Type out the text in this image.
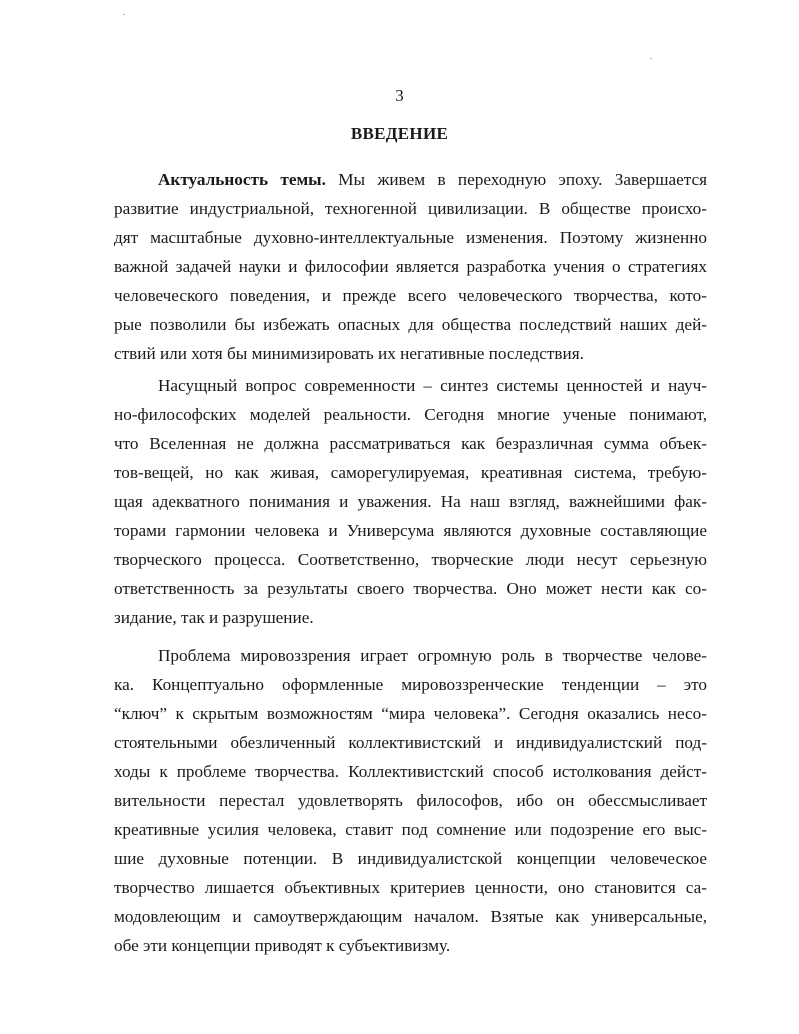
3
ВВЕДЕНИЕ
Актуальность темы. Мы живем в переходную эпоху. Завершается
развитие индустриальной, техногенной цивилизации. В обществе происхо-
дят масштабные духовно-интеллектуальные изменения. Поэтому жизненно
важной задачей науки и философии является разработка учения о стратегиях
человеческого поведения, и прежде всего человеческого творчества, кото-
рые позволили бы избежать опасных для общества последствий наших дей-
ствий или хотя бы минимизировать их негативные последствия.
Насущный вопрос современности – синтез системы ценностей и науч-
но-философских моделей реальности. Сегодня многие ученые понимают,
что Вселенная не должна рассматриваться как безразличная сумма объек-
тов-вещей, но как живая, саморегулируемая, креативная система, требую-
щая адекватного понимания и уважения. На наш взгляд, важнейшими фак-
торами гармонии человека и Универсума являются духовные составляющие
творческого процесса. Соответственно, творческие люди несут серьезную
ответственность за результаты своего творчества. Оно может нести как со-
зидание, так и разрушение.
Проблема мировоззрения играет огромную роль в творчестве челове-
ка. Концептуально оформленные мировоззренческие тенденции – это
“ключ” к скрытым возможностям “мира человека”. Сегодня оказались несо-
стоятельными обезличенный коллективистский и индивидуалистский под-
ходы к проблеме творчества. Коллективистский способ истолкования дейст-
вительности перестал удовлетворять философов, ибо он обессмысливает
креативные усилия человека, ставит под сомнение или подозрение его выс-
шие духовные потенции. В индивидуалистской концепции человеческое
творчество лишается объективных критериев ценности, оно становится са-
модовлеющим и самоутверждающим началом. Взятые как универсальные,
обе эти концепции приводят к субъективизму.
